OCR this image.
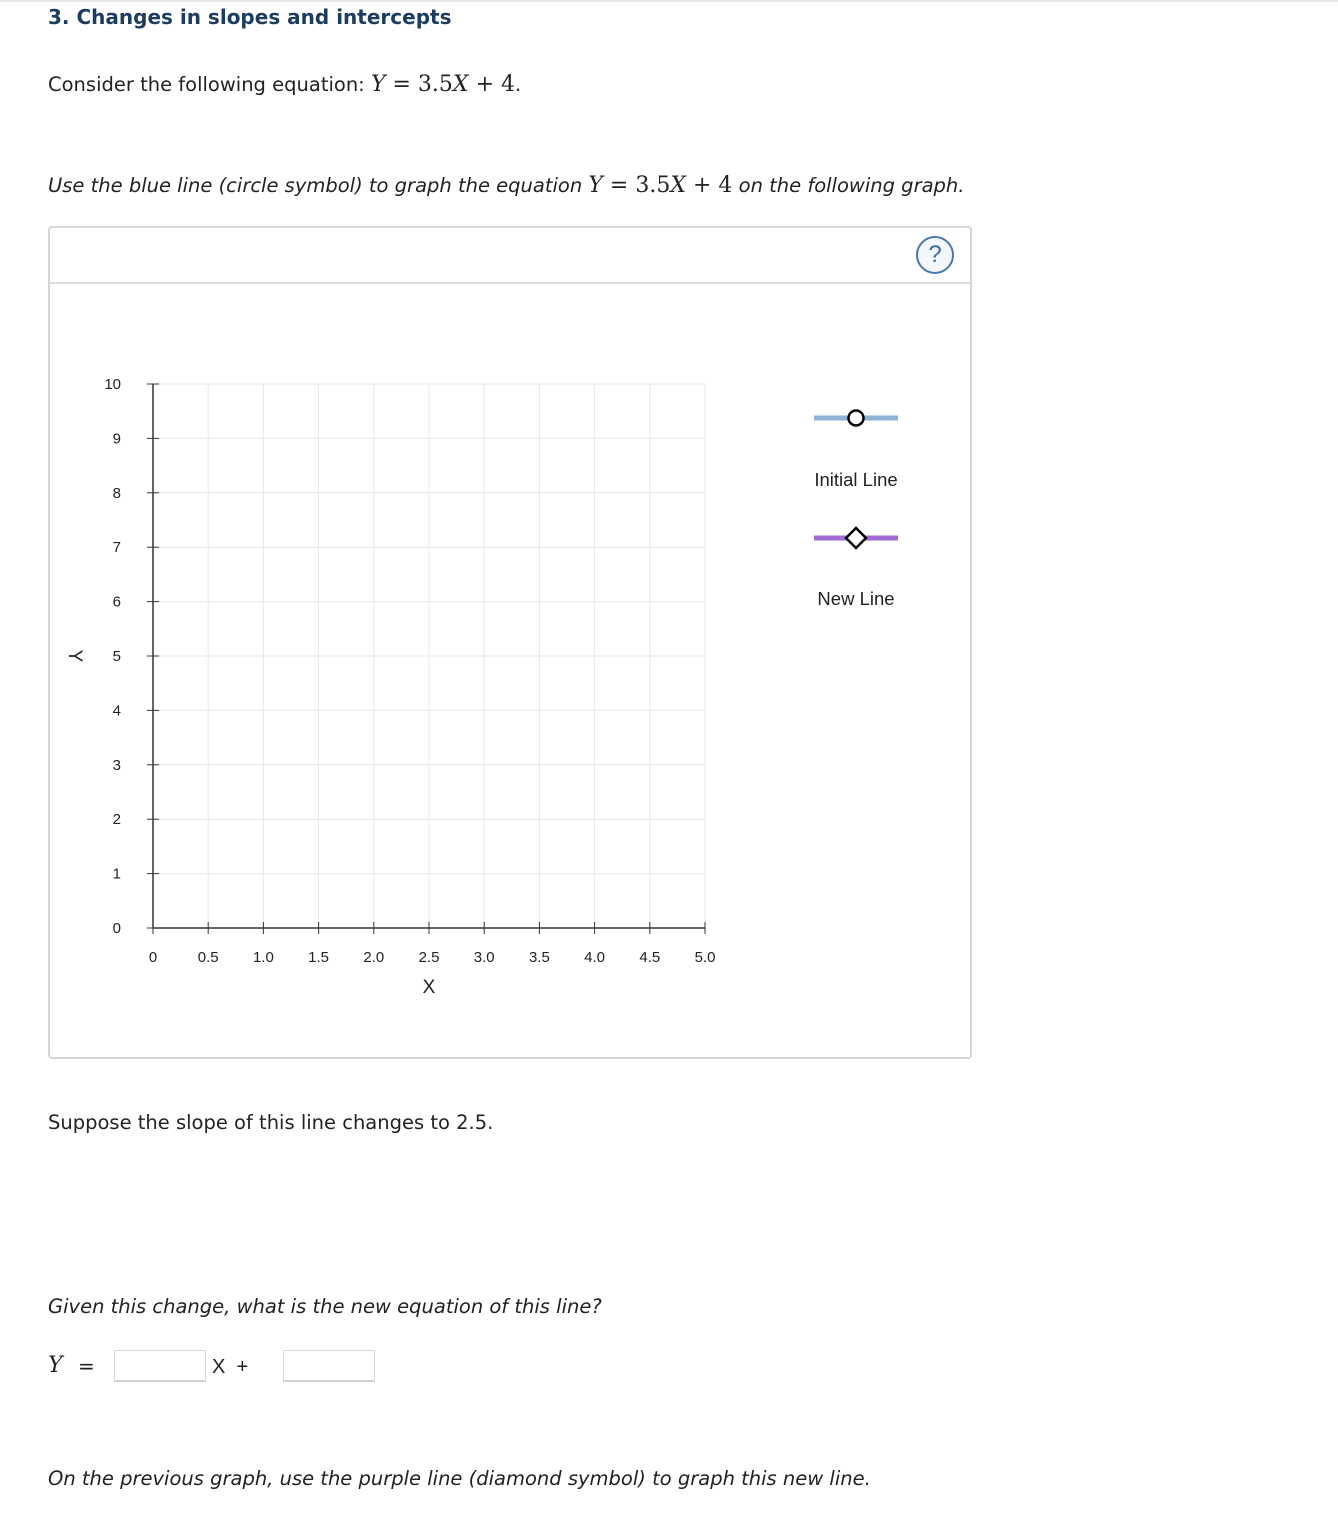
3. Changes in slopes and intercepts

Consider the following equation: Y = 3.5X + 4.

Use the blue line (circle symbol) to graph the equation Y = 3.5X + 4 on the following graph.

?
0
1
2
3
4
5
6
7
8
9
10
0	0.5 1.0 1.5 2.0 2.5 3.0 3.5 4.0 4.5 5.0
X
Y
Initial Line
New Line

Suppose the slope of this line changes to 2.5.

Given this change, what is the new equation of this line?

Y =	X  +

On the previous graph, use the purple line (diamond symbol) to graph this new line.
